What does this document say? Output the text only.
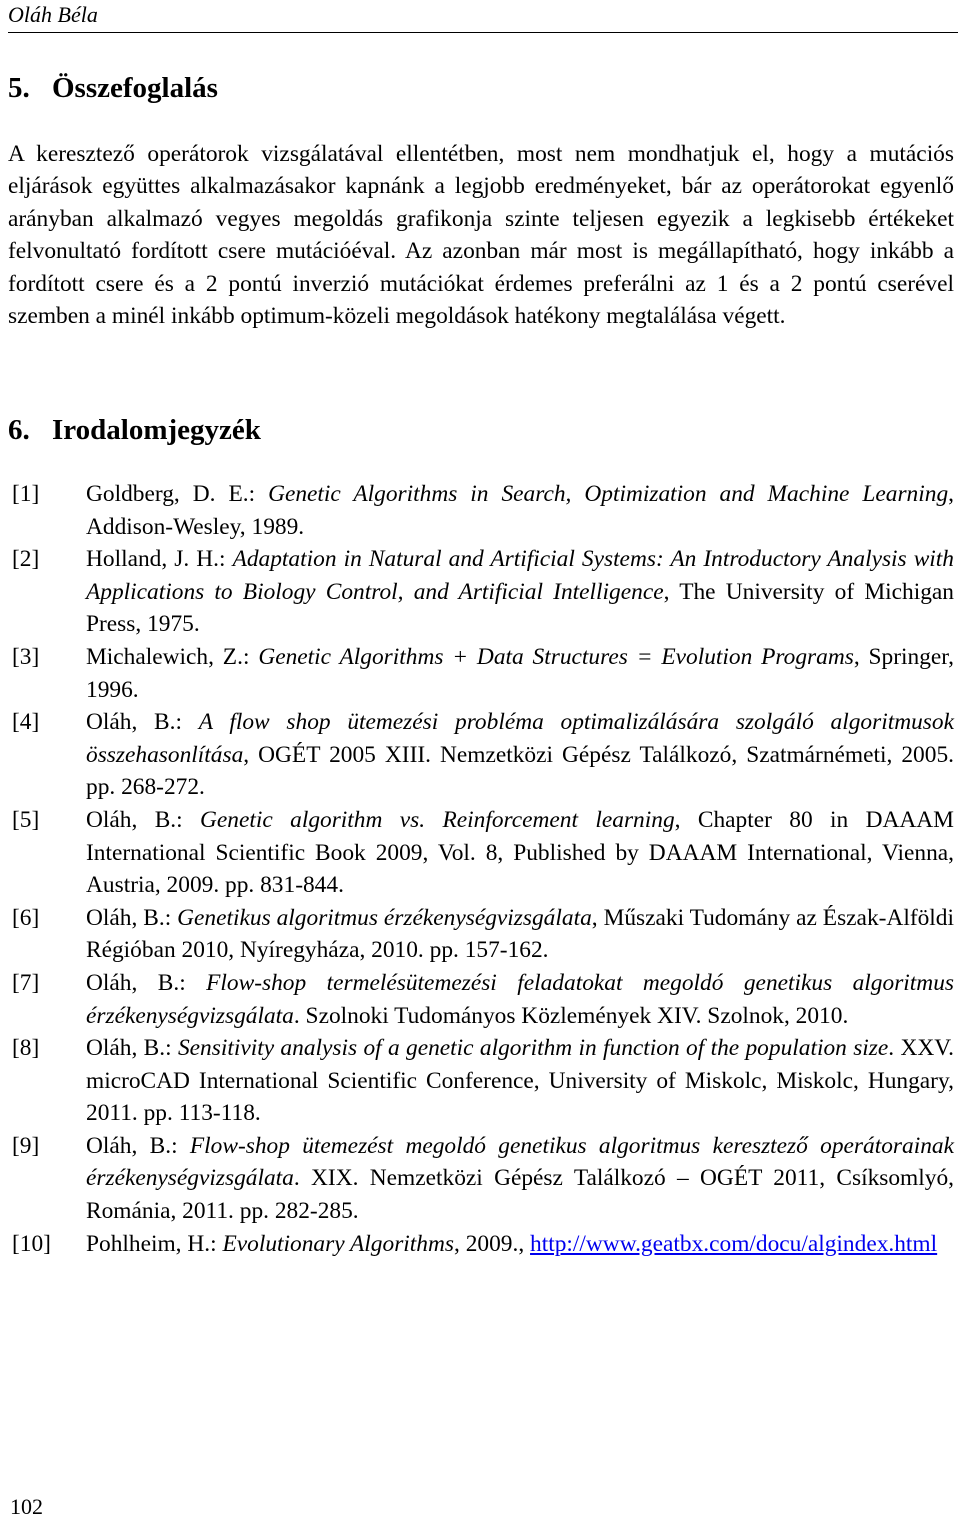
Oláh Béla
5. Összefoglalás

A keresztező operátorok vizsgálatával ellentétben, most nem mondhatjuk el, hogy a mutációs eljárások együttes alkalmazásakor kapnánk a legjobb eredményeket, bár az operátorokat egyenlő arányban alkalmazó vegyes megoldás grafikonja szinte teljesen egyezik a legkisebb értékeket felvonultató fordított csere mutációéval. Az azonban már most is megállapítható, hogy inkább a fordított csere és a 2 pontú inverzió mutációkat érdemes preferálni az 1 és a 2 pontú cserével szemben a minél inkább optimum-közeli megoldások hatékony megtalálása végett.

6. Irodalomjegyzék
[1] Goldberg, D. E.: Genetic Algorithms in Search, Optimization and Machine Learning, Addison-Wesley, 1989.
[2] Holland, J. H.: Adaptation in Natural and Artificial Systems: An Introductory Analysis with Applications to Biology Control, and Artificial Intelligence, The University of Michigan Press, 1975.
[3] Michalewich, Z.: Genetic Algorithms + Data Structures = Evolution Programs, Springer, 1996.
[4] Oláh, B.: A flow shop ütemezési probléma optimalizálására szolgáló algoritmusok összehasonlítása, OGÉT 2005 XIII. Nemzetközi Gépész Találkozó, Szatmárnémeti, 2005. pp. 268-272.
[5] Oláh, B.: Genetic algorithm vs. Reinforcement learning, Chapter 80 in DAAAM International Scientific Book 2009, Vol. 8, Published by DAAAM International, Vienna, Austria, 2009. pp. 831-844.
[6] Oláh, B.: Genetikus algoritmus érzékenységvizsgálata, Műszaki Tudomány az Észak-Alföldi Régióban 2010, Nyíregyháza, 2010. pp. 157-162.
[7] Oláh, B.: Flow-shop termelésütemezési feladatokat megoldó genetikus algoritmus érzékenységvizsgálata. Szolnoki Tudományos Közlemények XIV. Szolnok, 2010.
[8] Oláh, B.: Sensitivity analysis of a genetic algorithm in function of the population size. XXV. microCAD International Scientific Conference, University of Miskolc, Miskolc, Hungary, 2011. pp. 113-118.
[9] Oláh, B.: Flow-shop ütemezést megoldó genetikus algoritmus keresztező operátorainak érzékenységvizsgálata. XIX. Nemzetközi Gépész Találkozó – OGÉT 2011, Csíksomlyó, Románia, 2011. pp. 282-285.
[10] Pohlheim, H.: Evolutionary Algorithms, 2009., http://www.geatbx.com/docu/algindex.html
102
